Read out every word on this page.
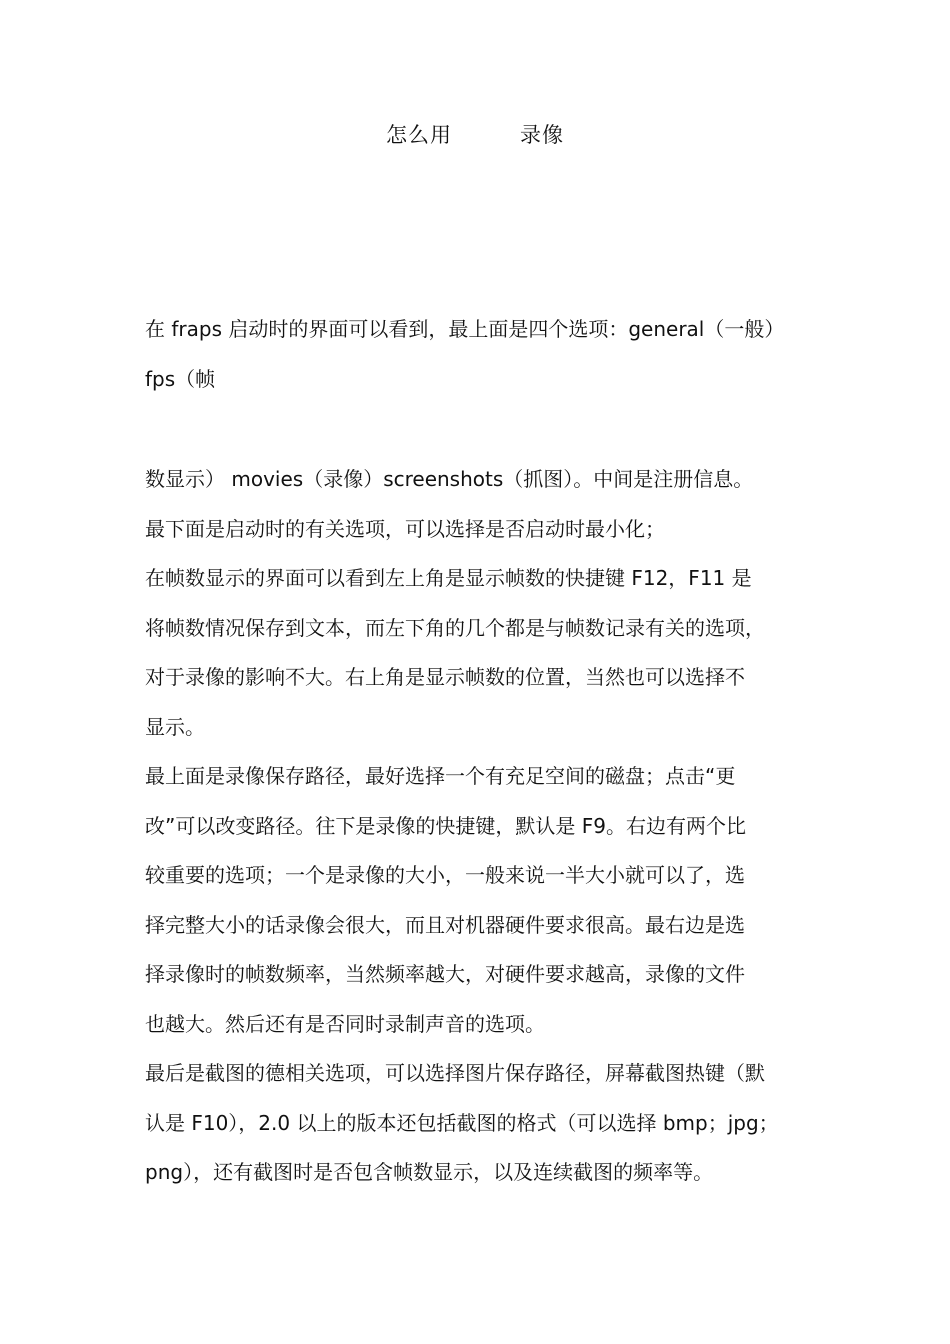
怎么用	录像
在 fraps 启动时的界面可以看到，最上面是四个选项：general（一般）
fps（帧
数显示） movies（录像）screenshots（抓图）。中间是注册信息。
最下面是启动时的有关选项，可以选择是否启动时最小化；
在帧数显示的界面可以看到左上角是显示帧数的快捷键 F12，F11 是
将帧数情况保存到文本，而左下角的几个都是与帧数记录有关的选项，
对于录像的影响不大。右上角是显示帧数的位置，当然也可以选择不
显示。
最上面是录像保存路径，最好选择一个有充足空间的磁盘；点击“更
改”可以改变路径。往下是录像的快捷键，默认是 F9。右边有两个比
较重要的选项；一个是录像的大小，一般来说一半大小就可以了，选
择完整大小的话录像会很大，而且对机器硬件要求很高。最右边是选
择录像时的帧数频率，当然频率越大，对硬件要求越高，录像的文件
也越大。然后还有是否同时录制声音的选项。
最后是截图的德相关选项，可以选择图片保存路径，屏幕截图热键（默
认是 F10），2.0 以上的版本还包括截图的格式（可以选择 bmp；jpg；
png），还有截图时是否包含帧数显示，以及连续截图的频率等。
